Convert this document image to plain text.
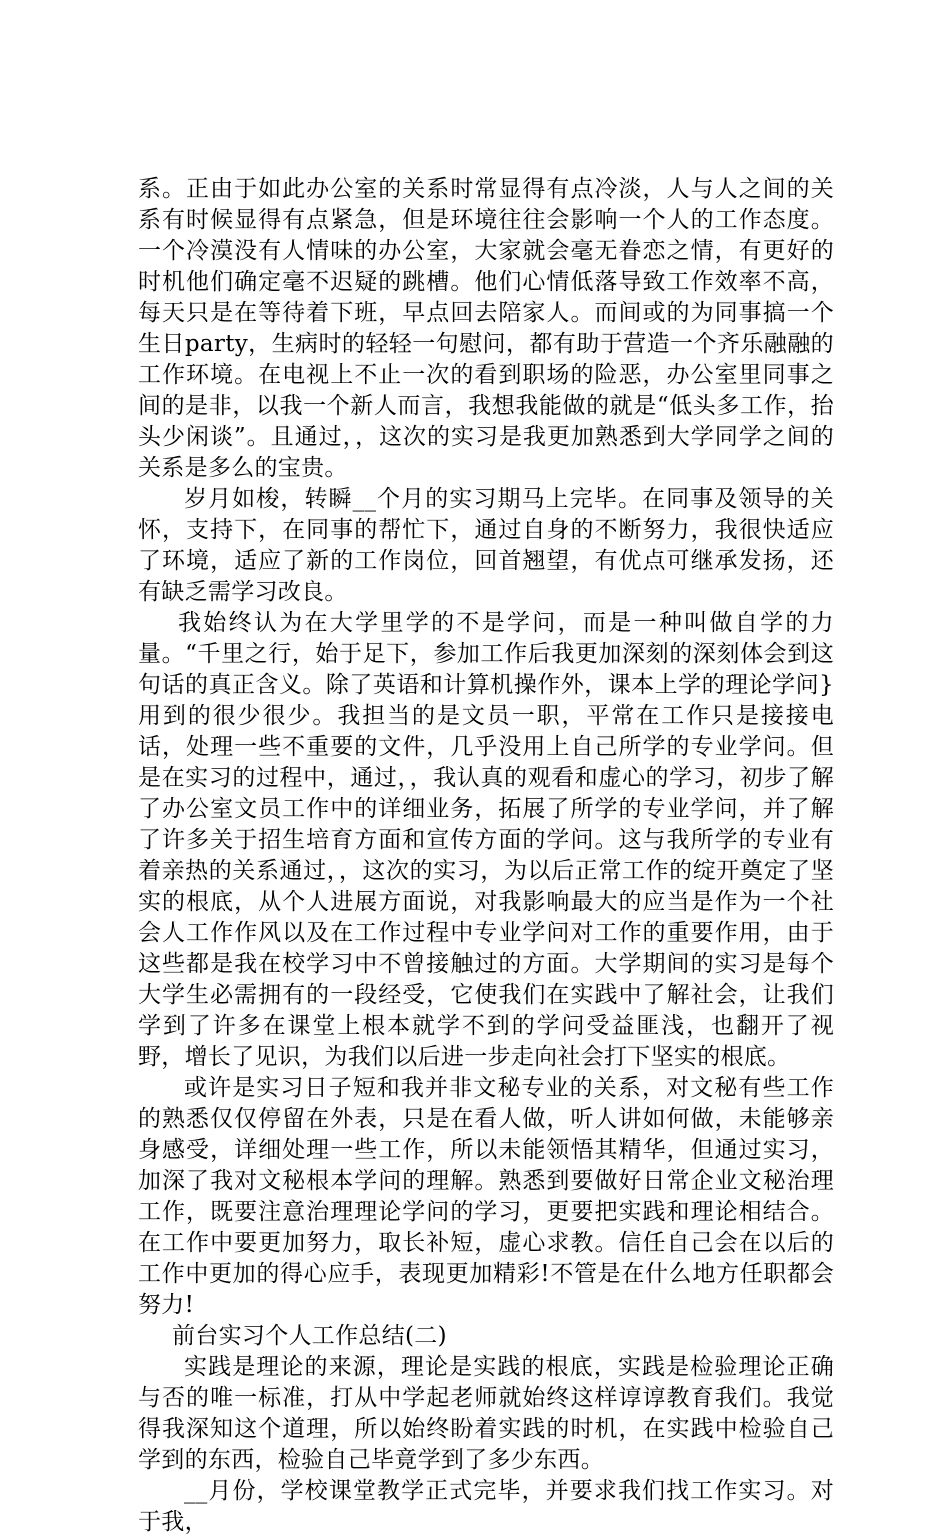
系。正由于如此办公室的关系时常显得有点冷淡，人与人之间的关系有时候显得有点紧急，但是环境往往会影响一个人的工作态度。一个冷漠没有人情味的办公室，大家就会毫无眷恋之情，有更好的时机他们确定毫不迟疑的跳槽。他们心情低落导致工作效率不高，每天只是在等待着下班，早点回去陪家人。而间或的为同事搞一个生日party，生病时的轻轻一句慰问，都有助于营造一个齐乐融融的工作环境。在电视上不止一次的看到职场的险恶，办公室里同事之间的是非，以我一个新人而言，我想我能做的就是“低头多工作，抬头少闲谈”。且通过，，这次的实习是我更加熟悉到大学同学之间的关系是多么的宝贵。

岁月如梭，转瞬__个月的实习期马上完毕。在同事及领导的关怀，支持下，在同事的帮忙下，通过自身的不断努力，我很快适应了环境，适应了新的工作岗位，回首翘望，有优点可继承发扬，还有缺乏需学习改良。

我始终认为在大学里学的不是学问，而是一种叫做自学的力量。“千里之行，始于足下，参加工作后我更加深刻的深刻体会到这句话的真正含义。除了英语和计算机操作外，课本上学的理论学问}用到的很少很少。我担当的是文员一职，平常在工作只是接接电话，处理一些不重要的文件，几乎没用上自己所学的专业学问。但是在实习的过程中，通过，，我认真的观看和虚心的学习，初步了解了办公室文员工作中的详细业务，拓展了所学的专业学问，并了解了许多关于招生培育方面和宣传方面的学问。这与我所学的专业有着亲热的关系通过，，这次的实习，为以后正常工作的绽开奠定了坚实的根底，从个人进展方面说，对我影响最大的应当是作为一个社会人工作作风以及在工作过程中专业学问对工作的重要作用，由于这些都是我在校学习中不曾接触过的方面。大学期间的实习是每个大学生必需拥有的一段经受，它使我们在实践中了解社会，让我们学到了许多在课堂上根本就学不到的学问受益匪浅，也翻开了视野，增长了见识，为我们以后进一步走向社会打下坚实的根底。

或许是实习日子短和我并非文秘专业的关系，对文秘有些工作的熟悉仅仅停留在外表，只是在看人做，听人讲如何做，未能够亲身感受，详细处理一些工作，所以未能领悟其精华，但通过实习，加深了我对文秘根本学问的理解。熟悉到要做好日常企业文秘治理工作，既要注意治理理论学问的学习，更要把实践和理论相结合。在工作中要更加努力，取长补短，虚心求教。信任自己会在以后的工作中更加的得心应手，表现更加精彩!不管是在什么地方任职都会努力!

前台实习个人工作总结(二)

实践是理论的来源，理论是实践的根底，实践是检验理论正确与否的唯一标准，打从中学起老师就始终这样谆谆教育我们。我觉得我深知这个道理，所以始终盼着实践的时机，在实践中检验自己学到的东西，检验自己毕竟学到了多少东西。

__月份，学校课堂教学正式完毕，并要求我们找工作实习。对于我，
